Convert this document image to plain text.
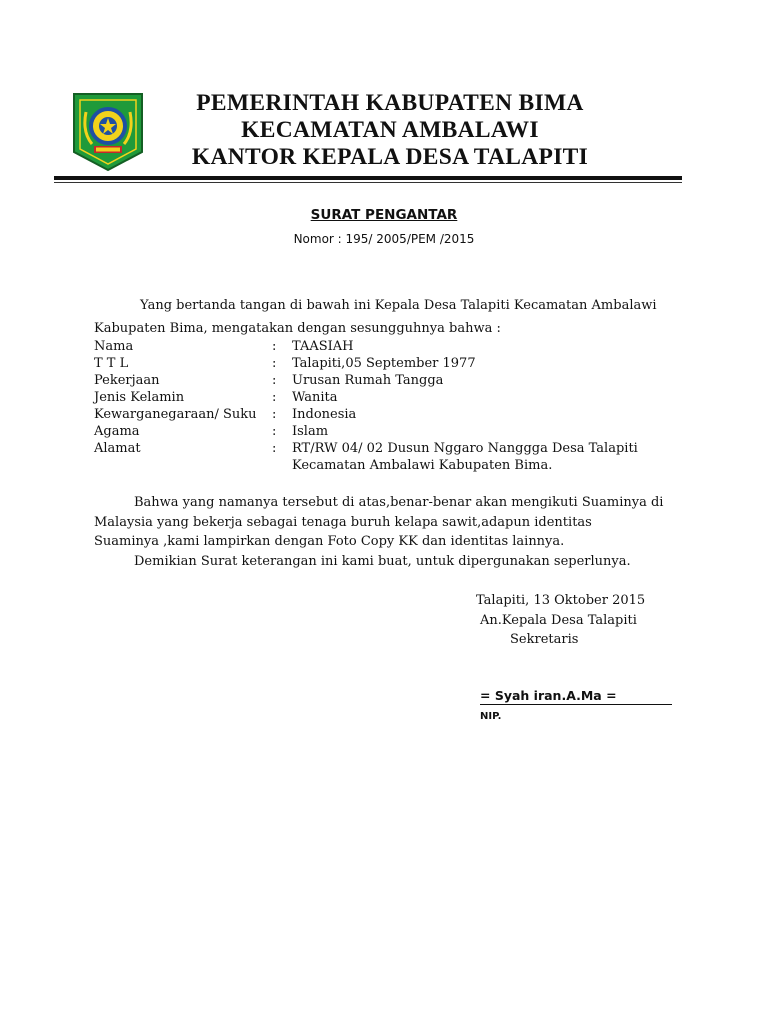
PEMERINTAH KABUPATEN BIMA
KECAMATAN AMBALAWI
KANTOR KEPALA DESA TALAPITI
SURAT PENGANTAR
Nomor : 195/ 2005/PEM /2015
Yang bertanda tangan di bawah ini Kepala Desa Talapiti Kecamatan Ambalawi
Kabupaten Bima, mengatakan dengan sesungguhnya bahwa :
Nama	: TAASIAH
T T L	: Talapiti,05 September 1977
Pekerjaan	: Urusan Rumah Tangga
Jenis Kelamin	: Wanita
Kewarganegaraan/ Suku : Indonesia
Agama	: Islam
Alamat	: RT/RW 04/ 02 Dusun Nggaro Nanggga Desa Talapiti
Kecamatan Ambalawi Kabupaten Bima.
Bahwa yang namanya tersebut di atas,benar-benar akan mengikuti Suaminya di
Malaysia yang bekerja sebagai tenaga buruh kelapa sawit,adapun identitas
Suaminya ,kami lampirkan dengan Foto Copy KK dan identitas lainnya.
Demikian Surat keterangan ini kami buat, untuk dipergunakan seperlunya.
Talapiti, 13 Oktober 2015
An.Kepala Desa Talapiti
Sekretaris
= Syah iran.A.Ma =
NIP.
